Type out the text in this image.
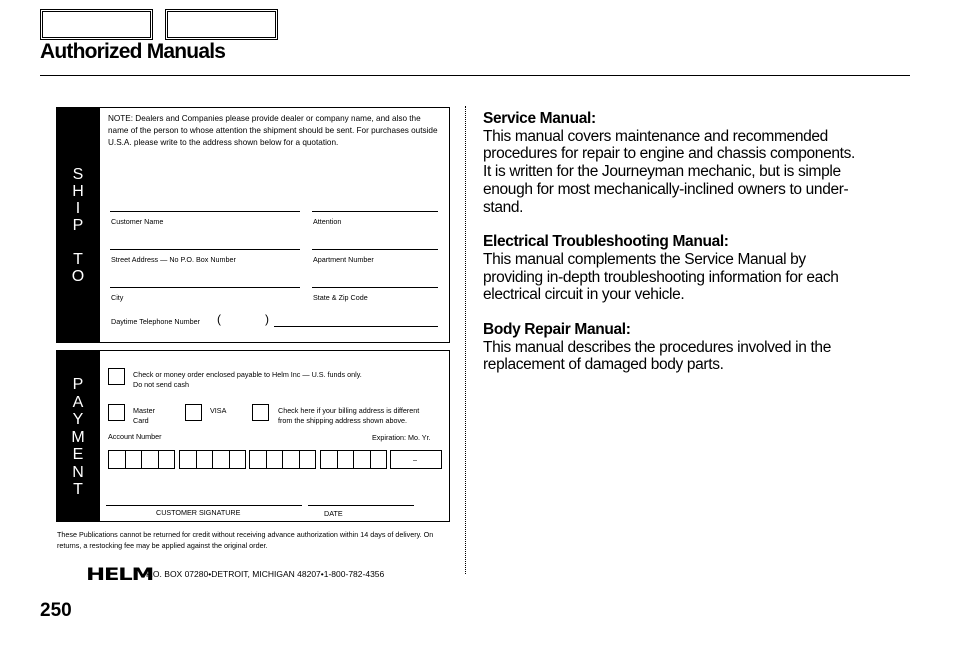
Authorized Manuals
S
H
I
P
T
O
NOTE: Dealers and Companies please provide dealer or company name, and also the name of the person to whose attention the shipment should be sent. For purchases outside U.S.A. please write to the address shown below for a quotation.
Customer Name	Attention
Street Address — No P.O. Box Number	Apartment Number
City	State & Zip Code
Daytime Telephone Number (	)
P
A
Y
M
E
N
T
Check or money order enclosed payable to Helm Inc — U.S. funds only.
Do not send cash
Master
Card
VISA	Check here if your billing address is different
from the shipping address shown above.
Account Number	Expiration: Mo. Yr.
–
CUSTOMER SIGNATURE	DATE
These Publications cannot be returned for credit without receiving advance authorization within 14 days of delivery. On returns, a restocking fee may be applied against the original order.
HELM
P.O. BOX 07280•DETROIT, MICHIGAN 48207•1-800-782-4356
Service Manual:
This manual covers maintenance and recommended
procedures for repair to engine and chassis components.
It is written for the Journeyman mechanic, but is simple
enough for most mechanically-inclined owners to under-
stand.
Electrical Troubleshooting Manual:
This manual complements the Service Manual by
providing in-depth troubleshooting information for each
electrical circuit in your vehicle.
Body Repair Manual:
This manual describes the procedures involved in the
replacement of damaged body parts.
250
